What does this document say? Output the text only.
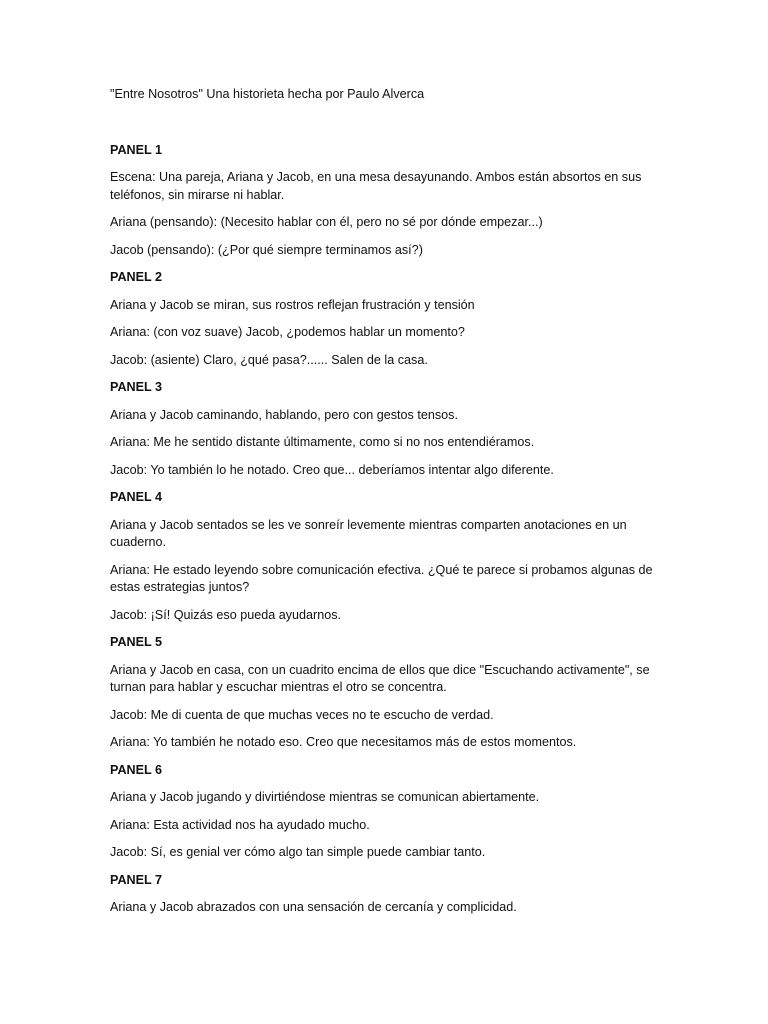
"Entre Nosotros" Una historieta hecha por Paulo Alverca

PANEL 1

Escena: Una pareja, Ariana y Jacob, en una mesa desayunando. Ambos están absortos en sus teléfonos, sin mirarse ni hablar.

Ariana (pensando): (Necesito hablar con él, pero no sé por dónde empezar...)

Jacob (pensando): (¿Por qué siempre terminamos así?)

PANEL 2

Ariana y Jacob se miran, sus rostros reflejan frustración y tensión

Ariana: (con voz suave) Jacob, ¿podemos hablar un momento?

Jacob: (asiente) Claro, ¿qué pasa?...... Salen de la casa.

PANEL 3

Ariana y Jacob caminando, hablando, pero con gestos tensos.

Ariana: Me he sentido distante últimamente, como si no nos entendiéramos.

Jacob: Yo también lo he notado. Creo que... deberíamos intentar algo diferente.

PANEL 4

Ariana y Jacob sentados se les ve sonreír levemente mientras comparten anotaciones en un cuaderno.

Ariana: He estado leyendo sobre comunicación efectiva. ¿Qué te parece si probamos algunas de estas estrategias juntos?

Jacob: ¡Sí! Quizás eso pueda ayudarnos.

PANEL 5

Ariana y Jacob en casa, con un cuadrito encima de ellos que dice "Escuchando activamente", se turnan para hablar y escuchar mientras el otro se concentra.

Jacob: Me di cuenta de que muchas veces no te escucho de verdad.

Ariana: Yo también he notado eso. Creo que necesitamos más de estos momentos.

PANEL 6

Ariana y Jacob jugando y divirtiéndose mientras se comunican abiertamente.

Ariana: Esta actividad nos ha ayudado mucho.

Jacob: Sí, es genial ver cómo algo tan simple puede cambiar tanto.

PANEL 7

Ariana y Jacob abrazados con una sensación de cercanía y complicidad.
